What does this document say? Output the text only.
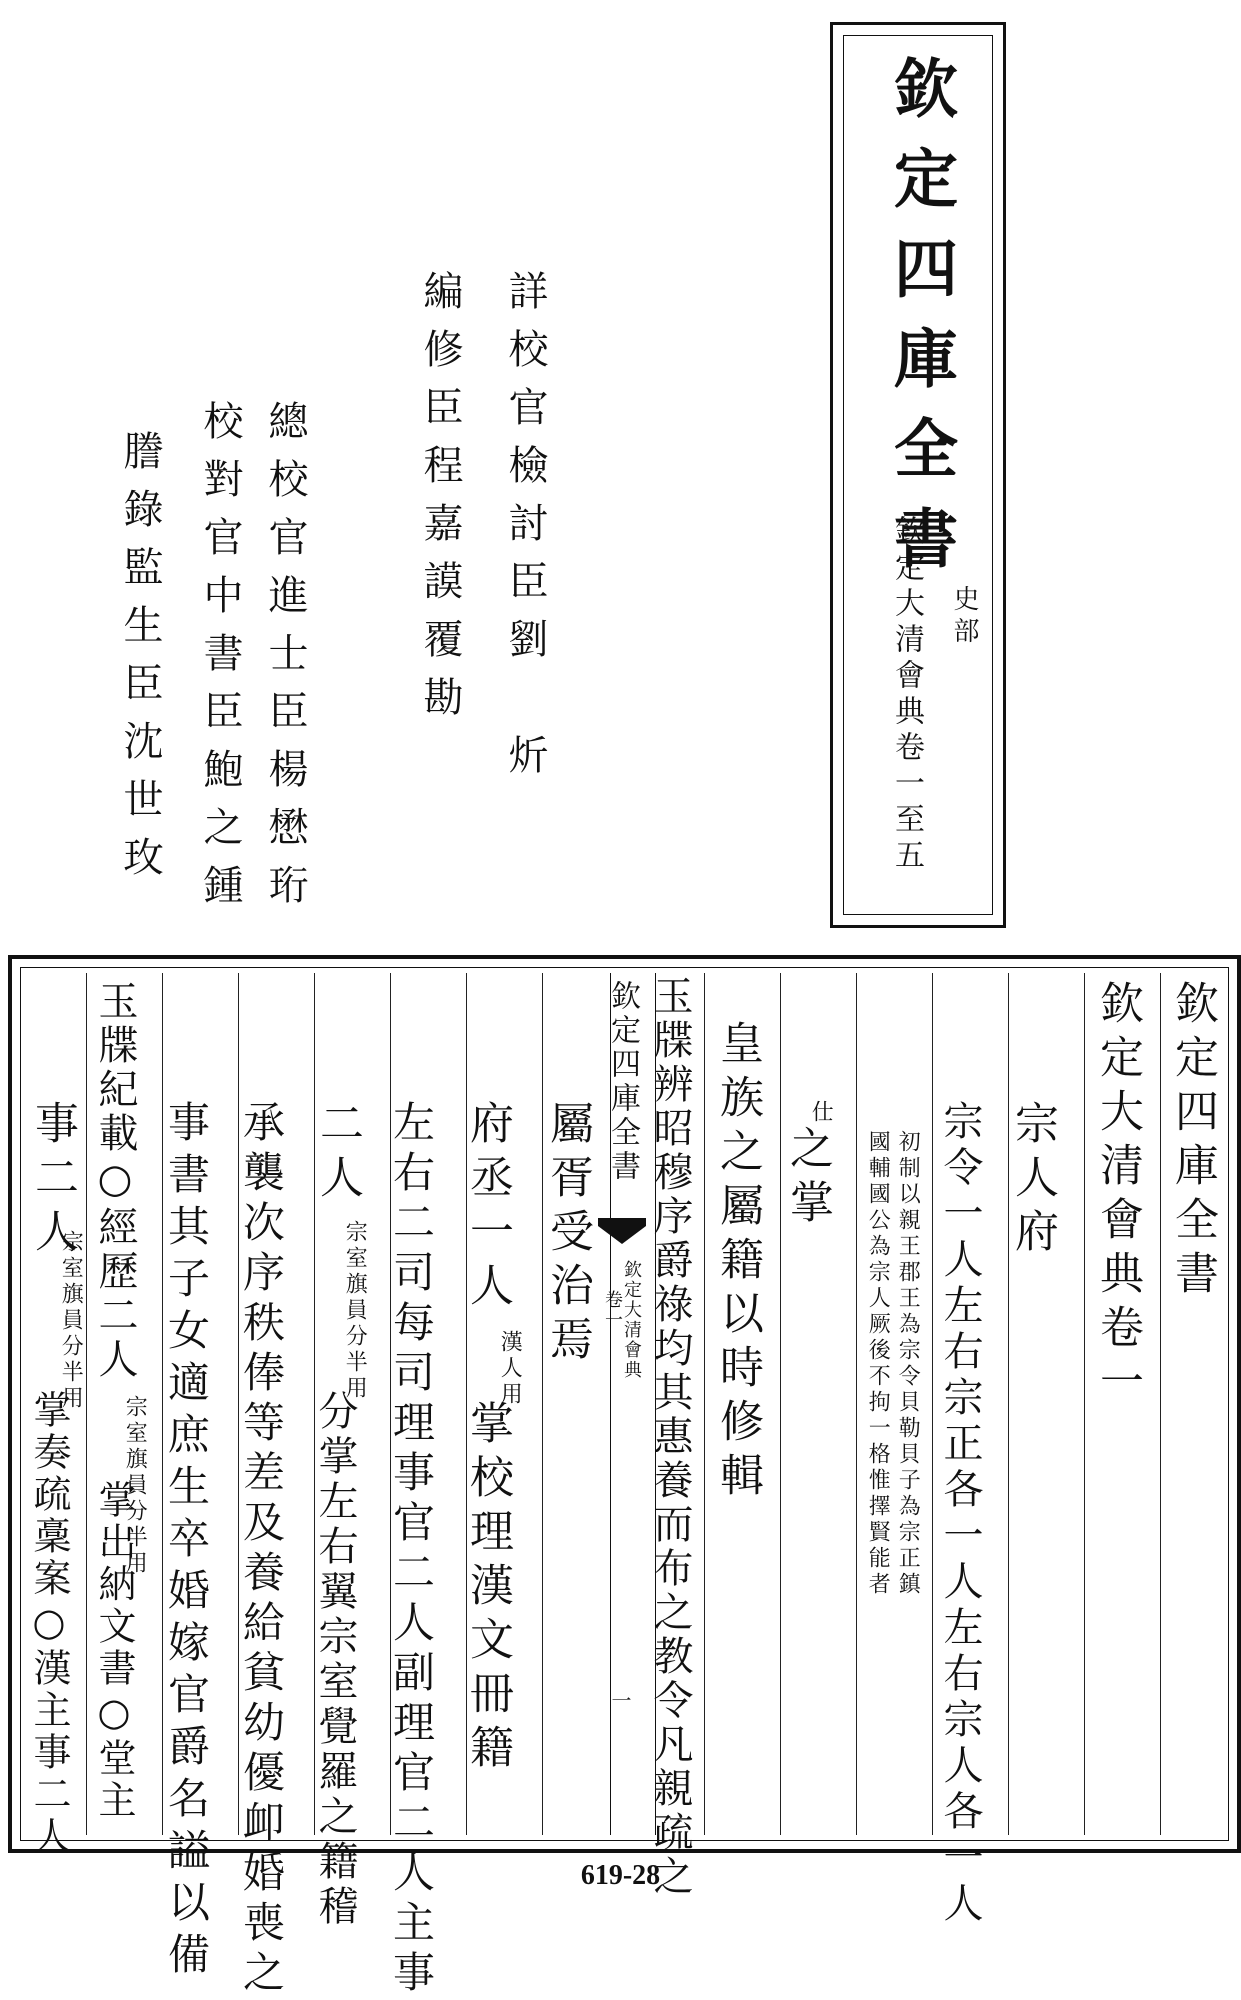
欽定四庫全書
史部
欽定大清會典卷一至五
詳校官檢討臣劉　炘
編修臣程嘉謨覆勘
總校官進士臣楊懋珩
校對官中書臣鮑之鍾
謄錄監生臣沈世玫
欽定四庫全書
欽定大清會典卷一
宗人府
宗令一人左右宗正各一人左右宗人各一人
初制以親王郡王為宗令貝勒貝子為宗正鎮
國輔國公為宗人厥後不拘一格惟擇賢能者
仕
之掌
皇族之屬籍以時修輯
玉牒辨昭穆序爵祿均其惠養而布之教令凡親疏之
欽定四庫全書
欽定大清會典
卷一
一
屬胥受治焉
府丞一人
漢人用
掌校理漢文冊籍
左右二司每司理事官二人副理官二人主事
二人
宗室旗員分半用
分掌左右翼宗室覺羅之籍稽
承襲次序秩俸等差及養給貧幼優卹婚喪之
事書其子女適庶生卒婚嫁官爵名謚以備
玉牒紀載○經歷二人
宗室旗員分半用
掌出納文書○堂主
事二人
宗室旗員分半用
掌奏疏稾案○漢主事二人
619-28
